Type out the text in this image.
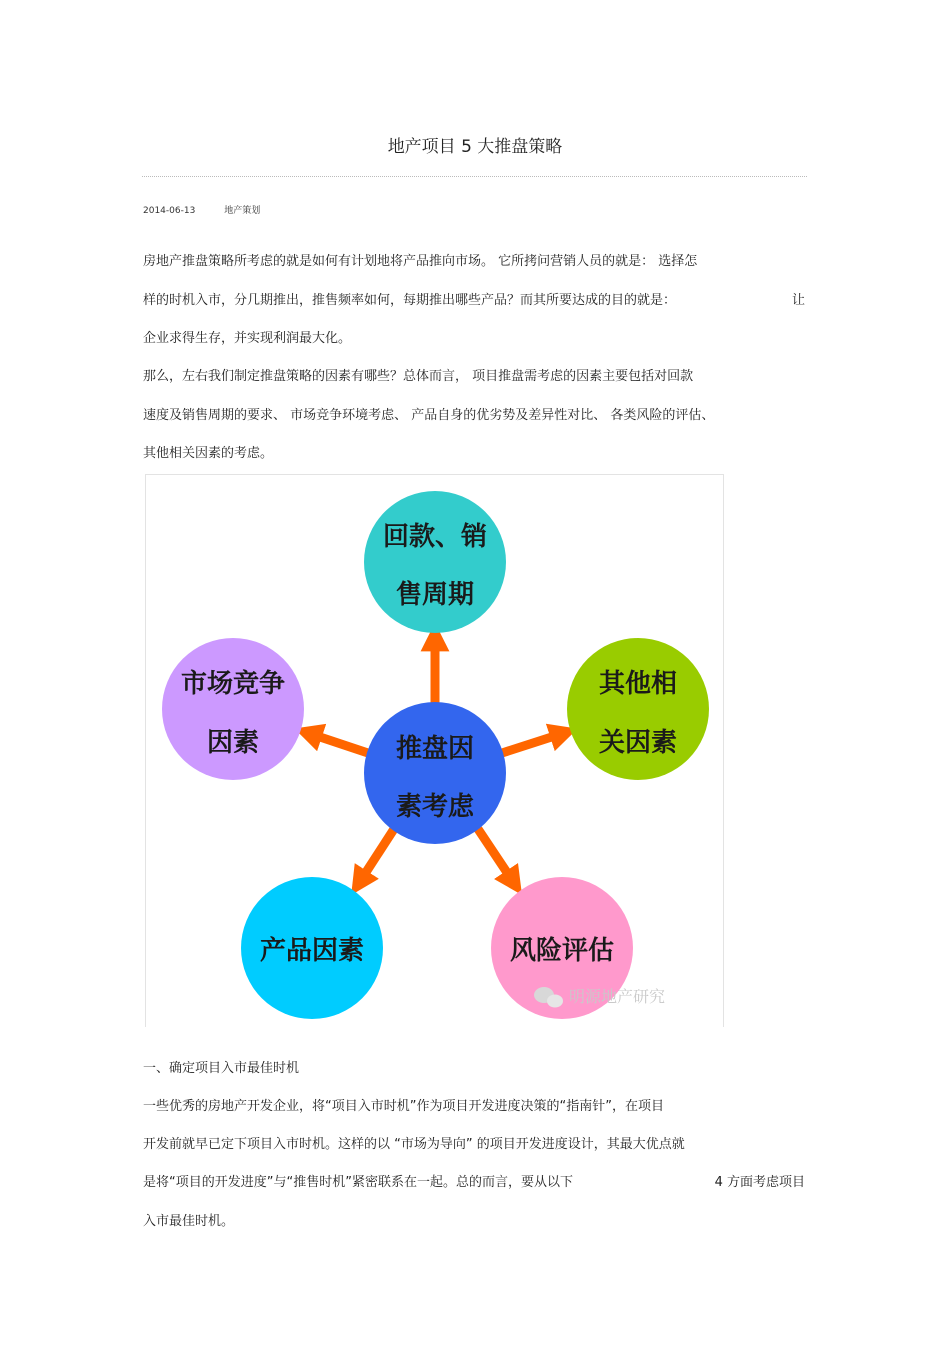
地产项目 5 大推盘策略
2014-06-13	地产策划
房地产推盘策略所考虑的就是如何有计划地将产品推向市场。 它所拷问营销人员的就是： 选择怎
样的时机入市，分几期推出，推售频率如何，每期推出哪些产品？而其所要达成的目的就是：	让
企业求得生存，并实现利润最大化。
那么，左右我们制定推盘策略的因素有哪些？总体而言， 项目推盘需考虑的因素主要包括对回款
速度及销售周期的要求、 市场竞争环境考虑、 产品自身的优劣势及差异性对比、 各类风险的评估、
其他相关因素的考虑。
回款、销
售周期
市场竞争
因素
其他相
关因素
推盘因
素考虑
产品因素	风险评估
明源地产研究
一、确定项目入市最佳时机
一些优秀的房地产开发企业，将“项目入市时机”作为项目开发进度决策的“指南针”，在项目
开发前就早已定下项目入市时机。这样的以 “市场为导向” 的项目开发进度设计，其最大优点就
是将“项目的开发进度”与“推售时机”紧密联系在一起。总的而言，要从以下	4 方面考虑项目
入市最佳时机。
